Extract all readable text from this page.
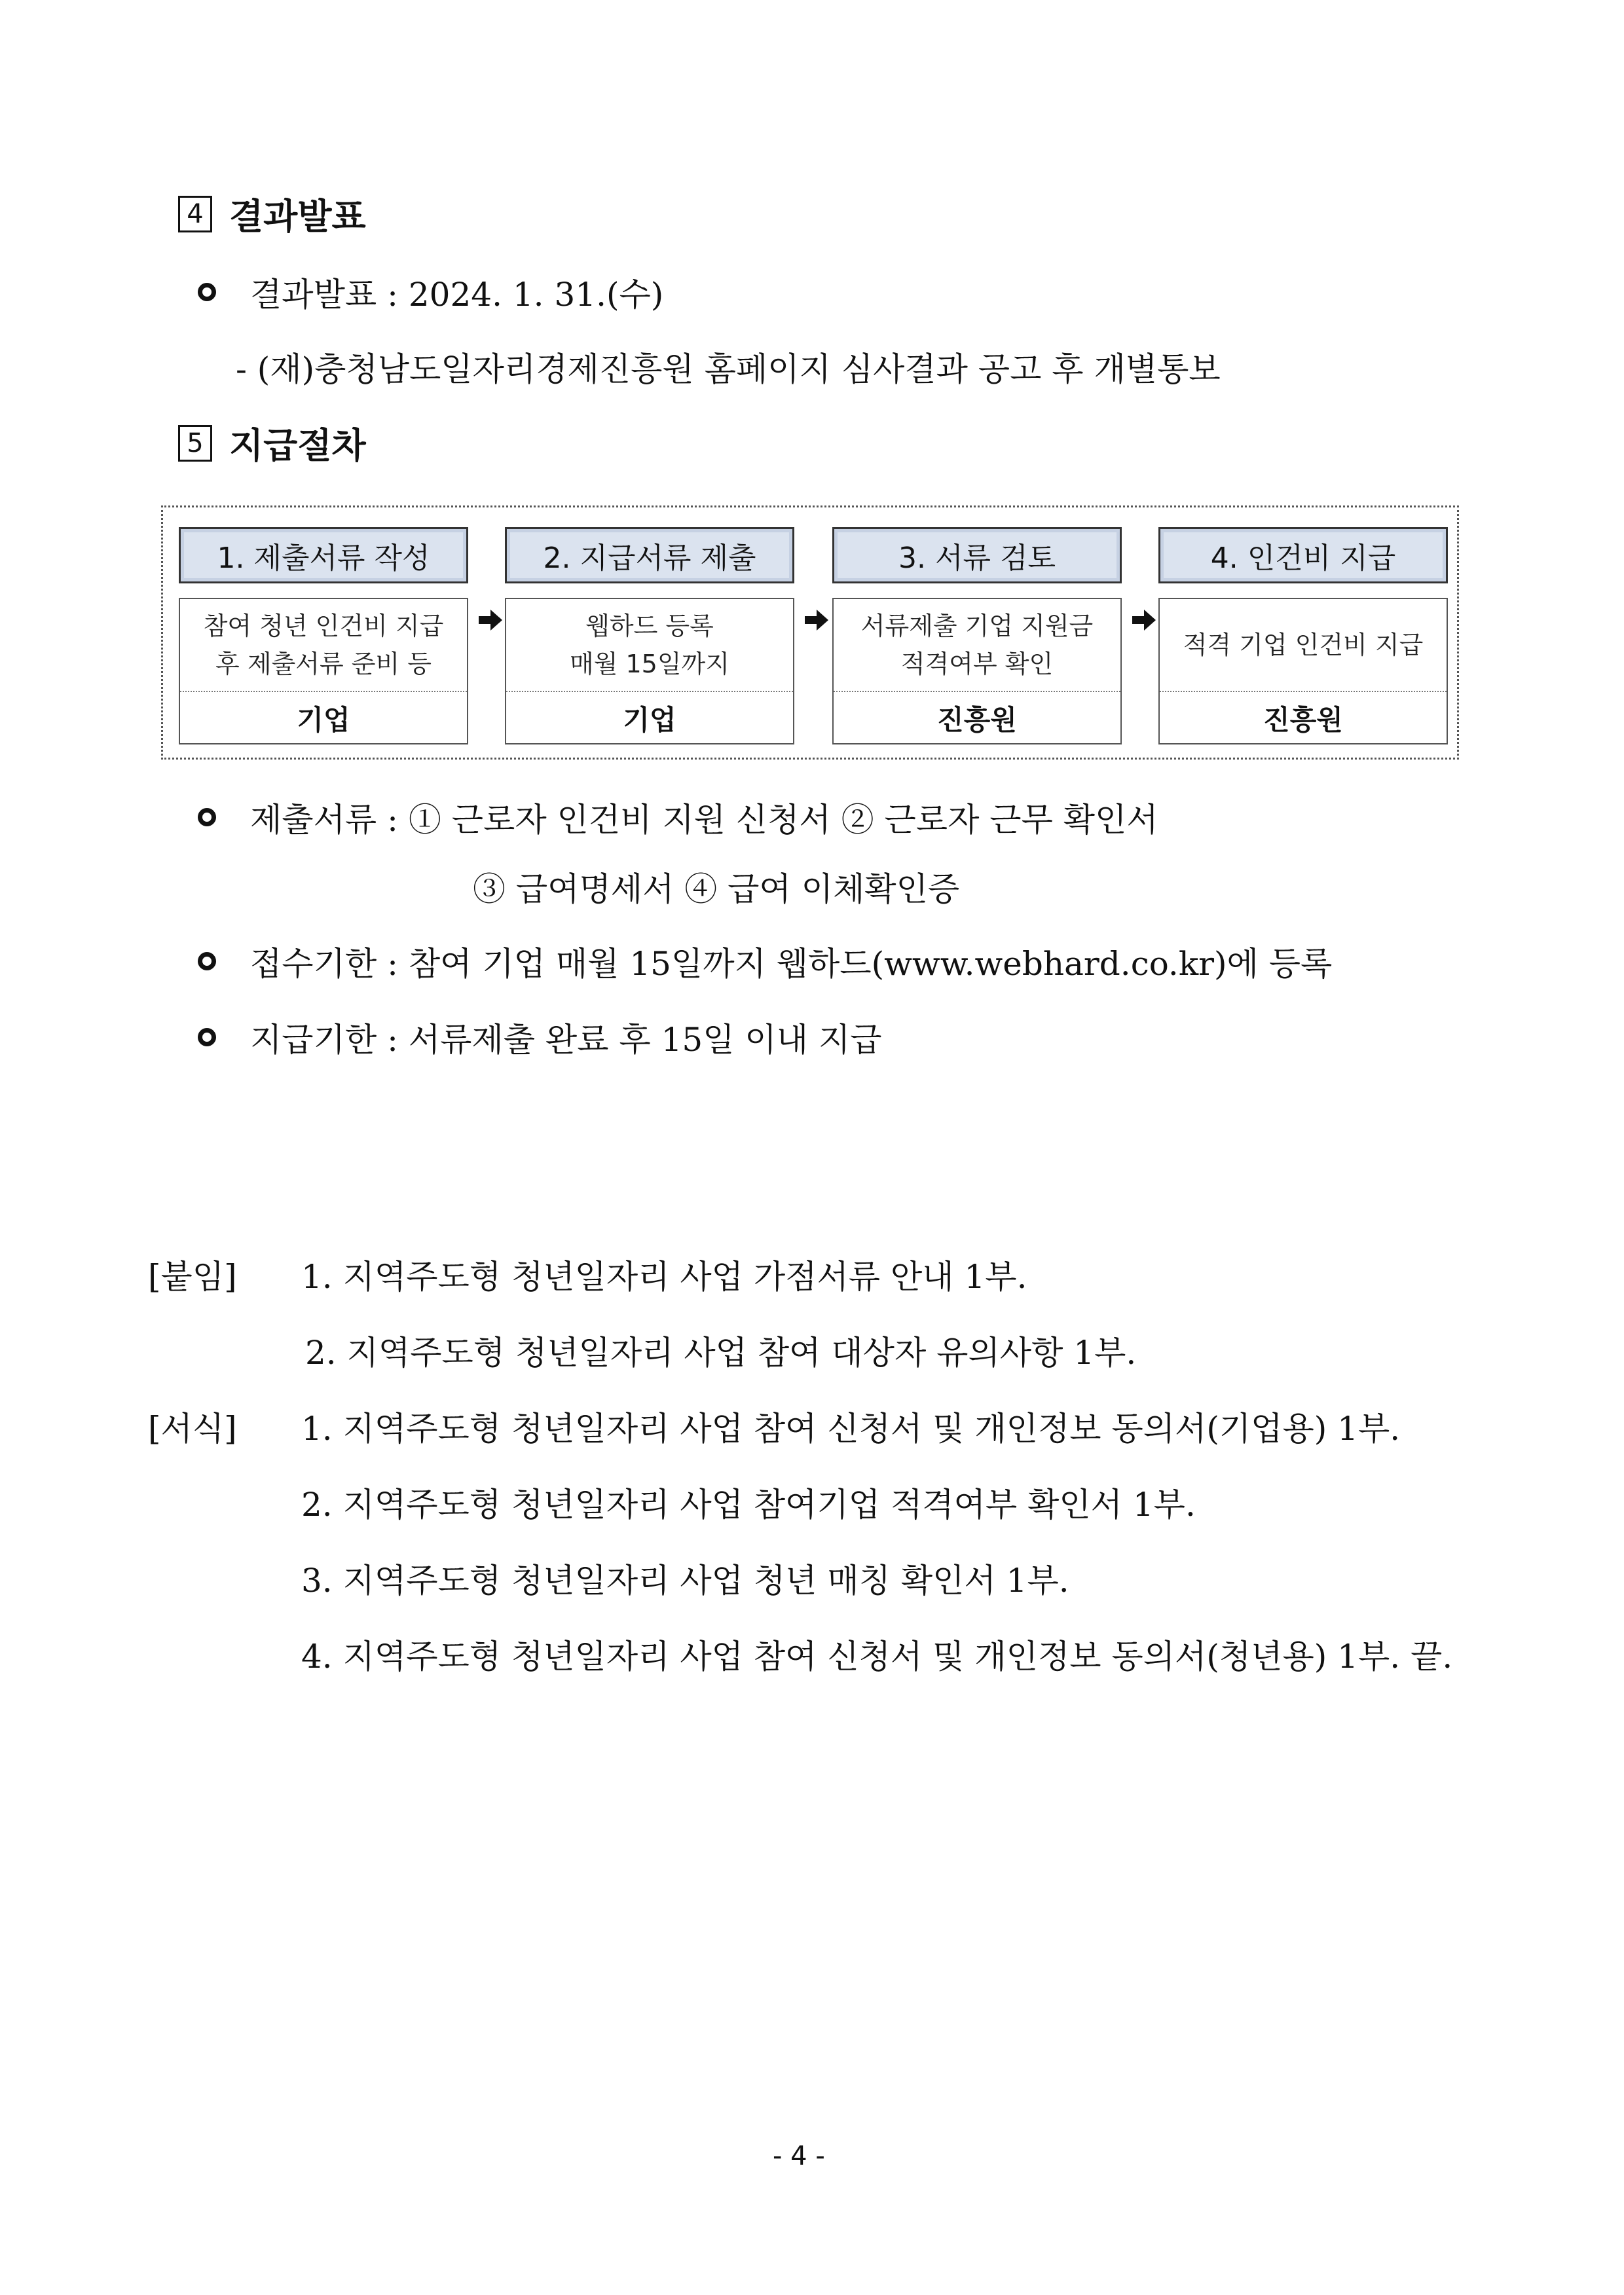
4 결과발표
결과발표 : 2024. 1. 31.(수)
- (재)충청남도일자리경제진흥원 홈페이지 심사결과 공고 후 개별통보
5 지급절차
1. 제출서류 작성
참여 청년 인건비 지급
후 제출서류 준비 등
기업
2. 지급서류 제출
웹하드 등록
매월 15일까지
기업
3. 서류 검토
서류제출 기업 지원금
적격여부 확인
진흥원
4. 인건비 지급
적격 기업 인건비 지급
진흥원
제출서류 : ① 근로자 인건비 지원 신청서 ② 근로자 근무 확인서
③ 급여명세서 ④ 급여 이체확인증
접수기한 : 참여 기업 매월 15일까지 웹하드(www.webhard.co.kr)에 등록
지급기한 : 서류제출 완료 후 15일 이내 지급
[붙임] 1. 지역주도형 청년일자리 사업 가점서류 안내 1부.
2. 지역주도형 청년일자리 사업 참여 대상자 유의사항 1부.
[서식] 1. 지역주도형 청년일자리 사업 참여 신청서 및 개인정보 동의서(기업용) 1부.
2. 지역주도형 청년일자리 사업 참여기업 적격여부 확인서 1부.
3. 지역주도형 청년일자리 사업 청년 매칭 확인서 1부.
4. 지역주도형 청년일자리 사업 참여 신청서 및 개인정보 동의서(청년용) 1부. 끝.
- 4 -
